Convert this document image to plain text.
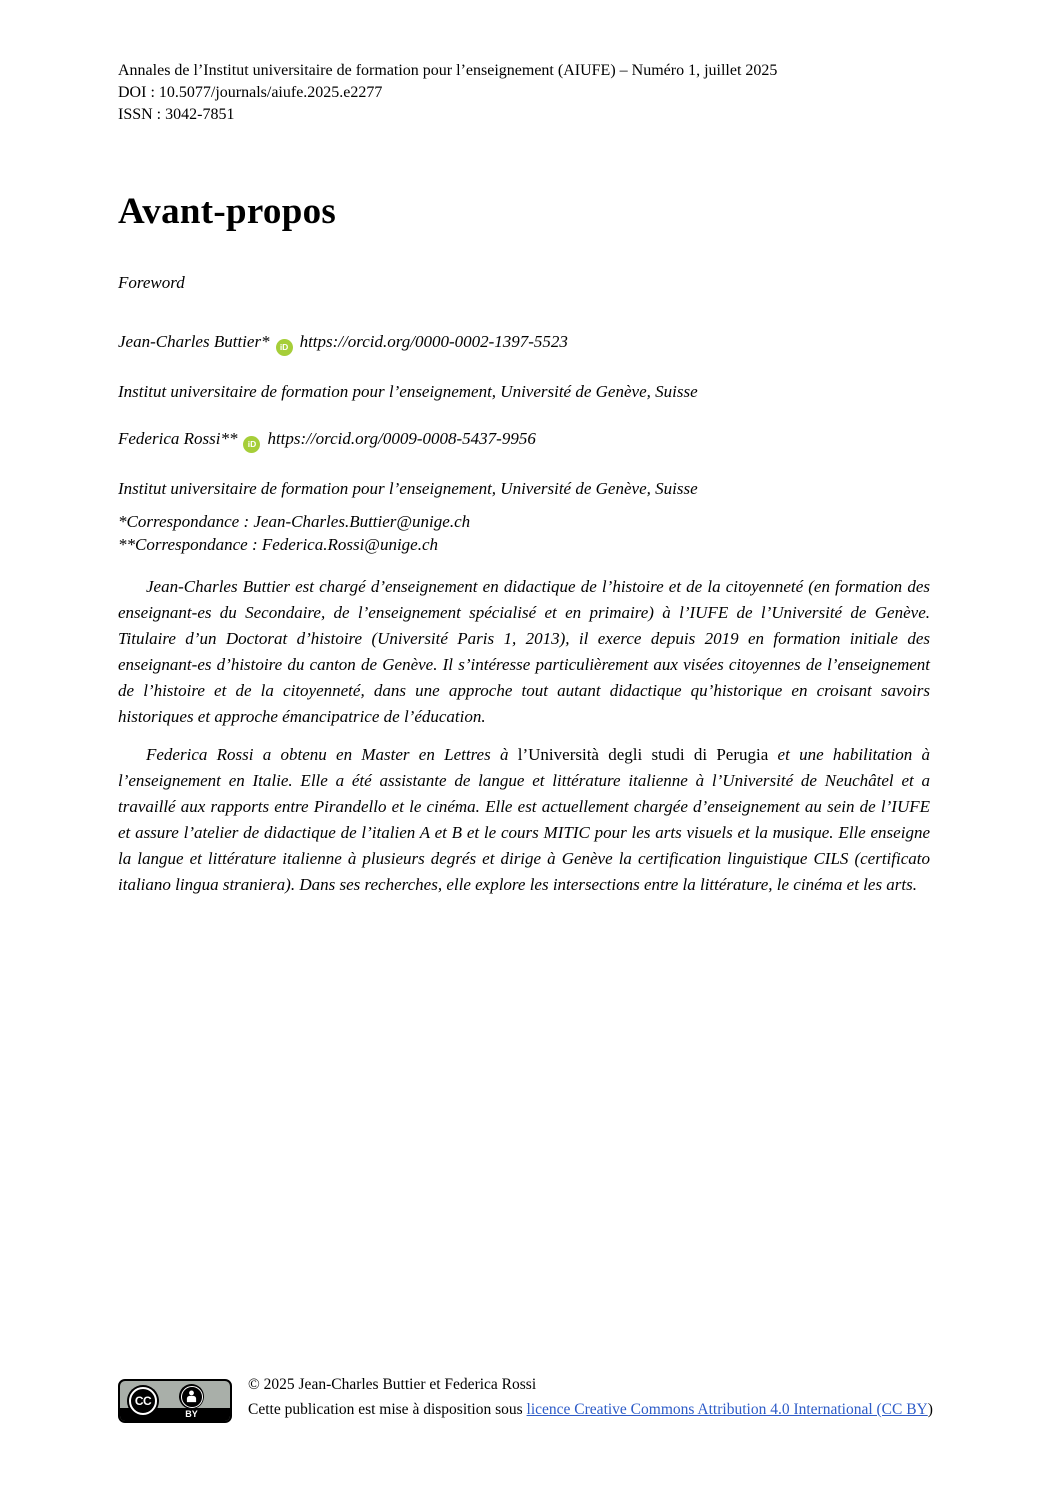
Annales de l’Institut universitaire de formation pour l’enseignement (AIUFE) – Numéro 1, juillet 2025
DOI : 10.5077/journals/aiufe.2025.e2277
ISSN : 3042-7851
Avant-propos
Foreword
Jean-Charles Buttier* iD https://orcid.org/0000-0002-1397-5523
Institut universitaire de formation pour l’enseignement, Université de Genève, Suisse
Federica Rossi** iD https://orcid.org/0009-0008-5437-9956
Institut universitaire de formation pour l’enseignement, Université de Genève, Suisse
*Correspondance : Jean-Charles.Buttier@unige.ch
**Correspondance : Federica.Rossi@unige.ch

Jean-Charles Buttier est chargé d’enseignement en didactique de l’histoire et de la citoyenneté (en formation des enseignant-es du Secondaire, de l’enseignement spécialisé et en primaire) à l’IUFE de l’Université de Genève. Titulaire d’un Doctorat d’histoire (Université Paris 1, 2013), il exerce depuis 2019 en formation initiale des enseignant-es d’histoire du canton de Genève. Il s’intéresse particulièrement aux visées citoyennes de l’enseignement de l’histoire et de la citoyenneté, dans une approche tout autant didactique qu’historique en croisant savoirs historiques et approche émancipatrice de l’éducation.

Federica Rossi a obtenu en Master en Lettres à l’Università degli studi di Perugia et une habilitation à l’enseignement en Italie. Elle a été assistante de langue et littérature italienne à l’Université de Neuchâtel et a travaillé aux rapports entre Pirandello et le cinéma. Elle est actuellement chargée d’enseignement au sein de l’IUFE et assure l’atelier de didactique de l’italien A et B et le cours MITIC pour les arts visuels et la musique. Elle enseigne la langue et littérature italienne à plusieurs degrés et dirige à Genève la certification linguistique CILS (certificato italiano lingua straniera). Dans ses recherches, elle explore les intersections entre la littérature, le cinéma et les arts.

CC
BY
© 2025 Jean-Charles Buttier et Federica Rossi
Cette publication est mise à disposition sous licence Creative Commons Attribution 4.0 International (CC BY)
